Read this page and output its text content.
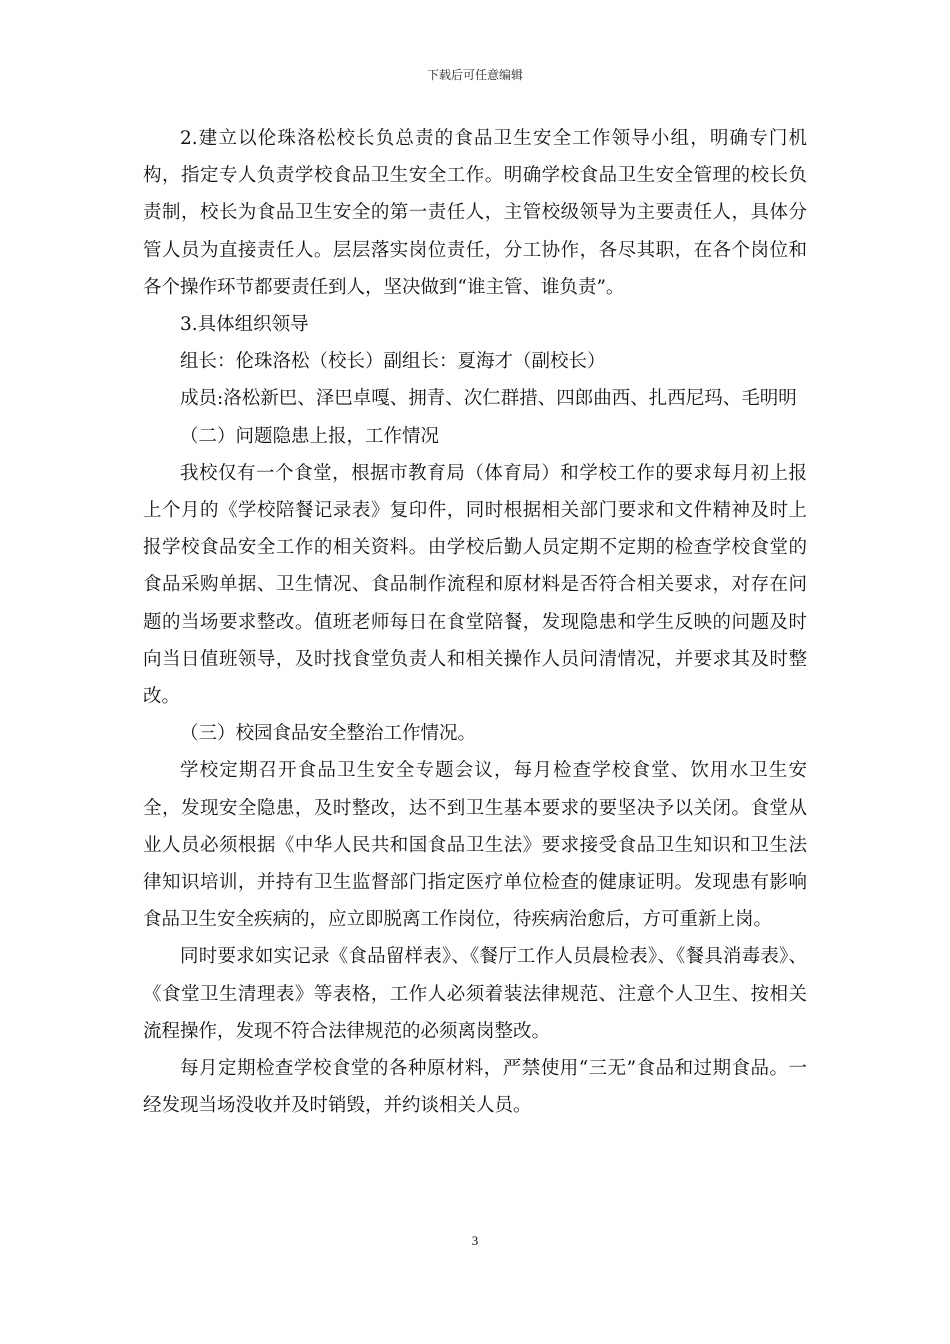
下载后可任意编辑

2.建立以伦珠洛松校长负总责的食品卫生安全工作领导小组，明确专门机构，指定专人负责学校食品卫生安全工作。明确学校食品卫生安全管理的校长负责制，校长为食品卫生安全的第一责任人，主管校级领导为主要责任人，具体分管人员为直接责任人。层层落实岗位责任，分工协作，各尽其职，在各个岗位和各个操作环节都要责任到人，坚决做到“谁主管、谁负责”。

3.具体组织领导

组长：伦珠洛松（校长）副组长：夏海才（副校长）

成员:洛松新巴、泽巴卓嘎、拥青、次仁群措、四郎曲西、扎西尼玛、毛明明

（二）问题隐患上报，工作情况

我校仅有一个食堂，根据市教育局（体育局）和学校工作的要求每月初上报上个月的《学校陪餐记录表》复印件，同时根据相关部门要求和文件精神及时上报学校食品安全工作的相关资料。由学校后勤人员定期不定期的检查学校食堂的食品采购单据、卫生情况、食品制作流程和原材料是否符合相关要求，对存在问题的当场要求整改。值班老师每日在食堂陪餐，发现隐患和学生反映的问题及时向当日值班领导，及时找食堂负责人和相关操作人员问清情况，并要求其及时整改。

（三）校园食品安全整治工作情况。

学校定期召开食品卫生安全专题会议，每月检查学校食堂、饮用水卫生安全，发现安全隐患，及时整改，达不到卫生基本要求的要坚决予以关闭。食堂从业人员必须根据《中华人民共和国食品卫生法》要求接受食品卫生知识和卫生法律知识培训，并持有卫生监督部门指定医疗单位检查的健康证明。发现患有影响食品卫生安全疾病的，应立即脱离工作岗位，待疾病治愈后，方可重新上岗。

同时要求如实记录《食品留样表》、《餐厅工作人员晨检表》、《餐具消毒表》、《食堂卫生清理表》等表格，工作人必须着装法律规范、注意个人卫生、按相关流程操作，发现不符合法律规范的必须离岗整改。

每月定期检查学校食堂的各种原材料，严禁使用“三无”食品和过期食品。一经发现当场没收并及时销毁，并约谈相关人员。

3
